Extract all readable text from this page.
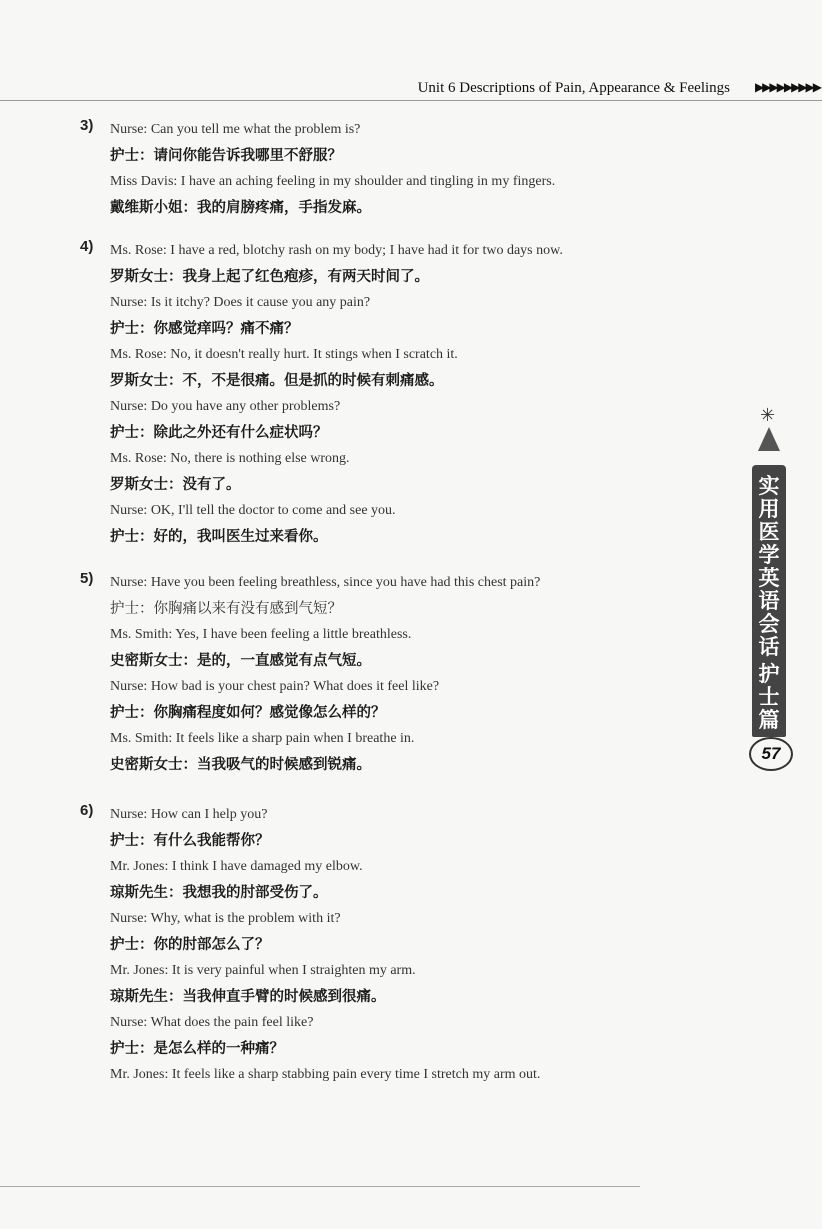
Unit 6 Descriptions of Pain, Appearance & Feelings ▶▶▶▶▶▶▶▶▶
3) Nurse: Can you tell me what the problem is?
护士：请问你能告诉我哪里不舒服？
Miss Davis: I have an aching feeling in my shoulder and tingling in my fingers.
戴维斯小姐：我的肩膀疼痛，手指发麻。
4) Ms. Rose: I have a red, blotchy rash on my body; I have had it for two days now.
罗斯女士：我身上起了红色疱疹，有两天时间了。
Nurse: Is it itchy? Does it cause you any pain?
护士：你感觉痒吗？痛不痛？
Ms. Rose: No, it doesn't really hurt. It stings when I scratch it.
罗斯女士：不，不是很痛。但是抓的时候有刺痛感。
Nurse: Do you have any other problems?
护士：除此之外还有什么症状吗？
Ms. Rose: No, there is nothing else wrong.
罗斯女士：没有了。
Nurse: OK, I'll tell the doctor to come and see you.
护士：好的，我叫医生过来看你。
5) Nurse: Have you been feeling breathless, since you have had this chest pain?
护士：你胸痛以来有没有感到气短？
Ms. Smith: Yes, I have been feeling a little breathless.
史密斯女士：是的，一直感觉有点气短。
Nurse: How bad is your chest pain? What does it feel like?
护士：你胸痛程度如何？感觉像怎么样的？
Ms. Smith: It feels like a sharp pain when I breathe in.
史密斯女士：当我吸气的时候感到锐痛。
6) Nurse: How can I help you?
护士：有什么我能帮你？
Mr. Jones: I think I have damaged my elbow.
琼斯先生：我想我的肘部受伤了。
Nurse: Why, what is the problem with it?
护士：你的肘部怎么了？
Mr. Jones: It is very painful when I straighten my arm.
琼斯先生：当我伸直手臂的时候感到很痛。
Nurse: What does the pain feel like?
护士：是怎么样的一种痛？
Mr. Jones: It feels like a sharp stabbing pain every time I stretch my arm out.
✳
实
用
医
学
英
语
会
话
护
士
篇
57
